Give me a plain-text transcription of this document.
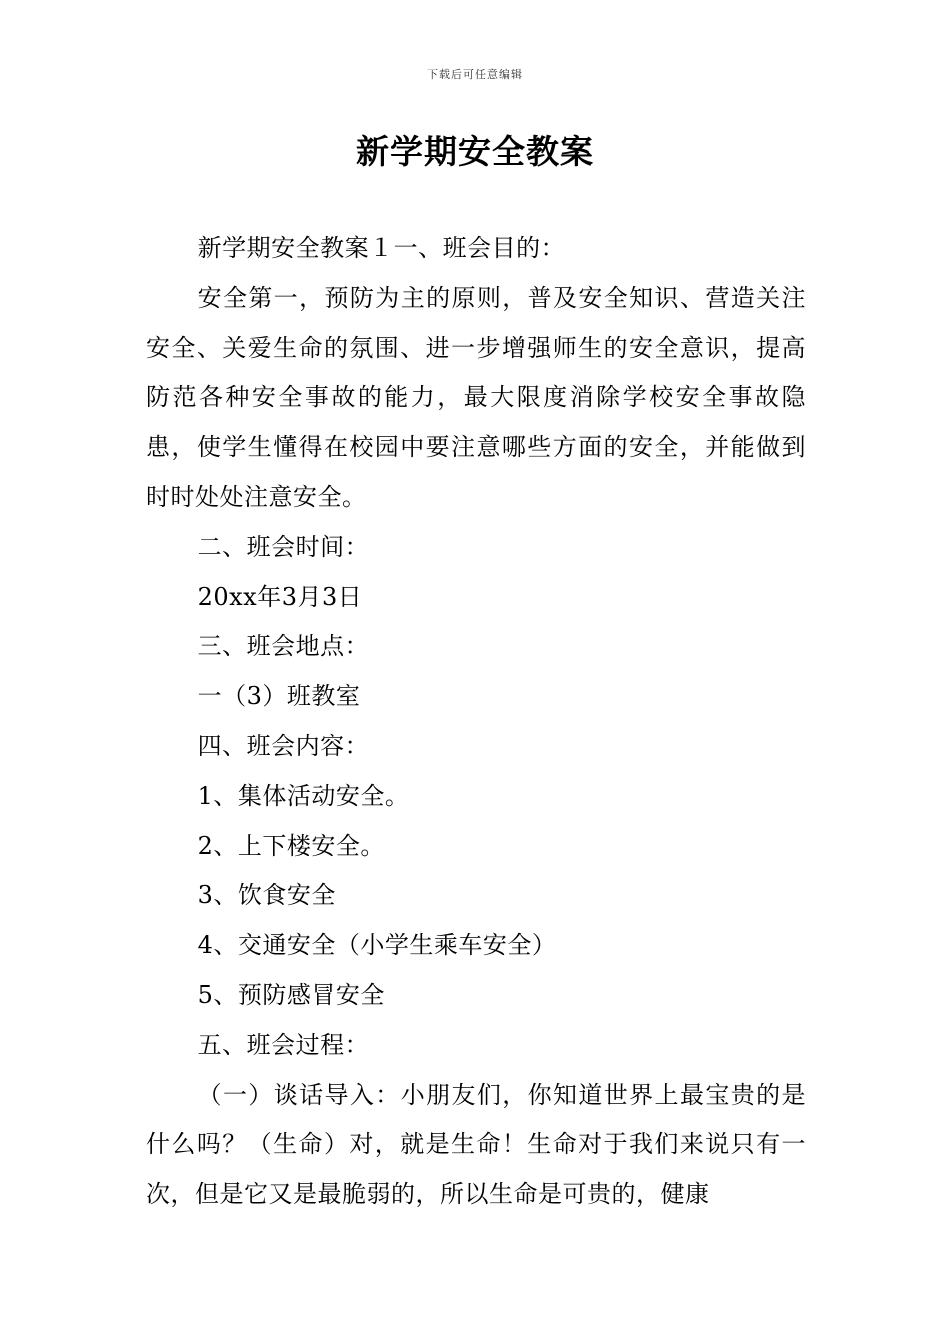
下载后可任意编辑
新学期安全教案

新学期安全教案１一、班会目的：

安全第一，预防为主的原则，普及安全知识、营造关注安全、关爱生命的氛围、进一步增强师生的安全意识，提高防范各种安全事故的能力，最大限度消除学校安全事故隐患，使学生懂得在校园中要注意哪些方面的安全，并能做到时时处处注意安全。

二、班会时间：

20xx年3月3日

三、班会地点：

一（3）班教室

四、班会内容：

1、集体活动安全。

2、上下楼安全。

3、饮食安全

4、交通安全（小学生乘车安全）

5、预防感冒安全

五、班会过程：

（一）谈话导入：小朋友们，你知道世界上最宝贵的是什么吗？（生命）对，就是生命！生命对于我们来说只有一次，但是它又是最脆弱的，所以生命是可贵的，健康
